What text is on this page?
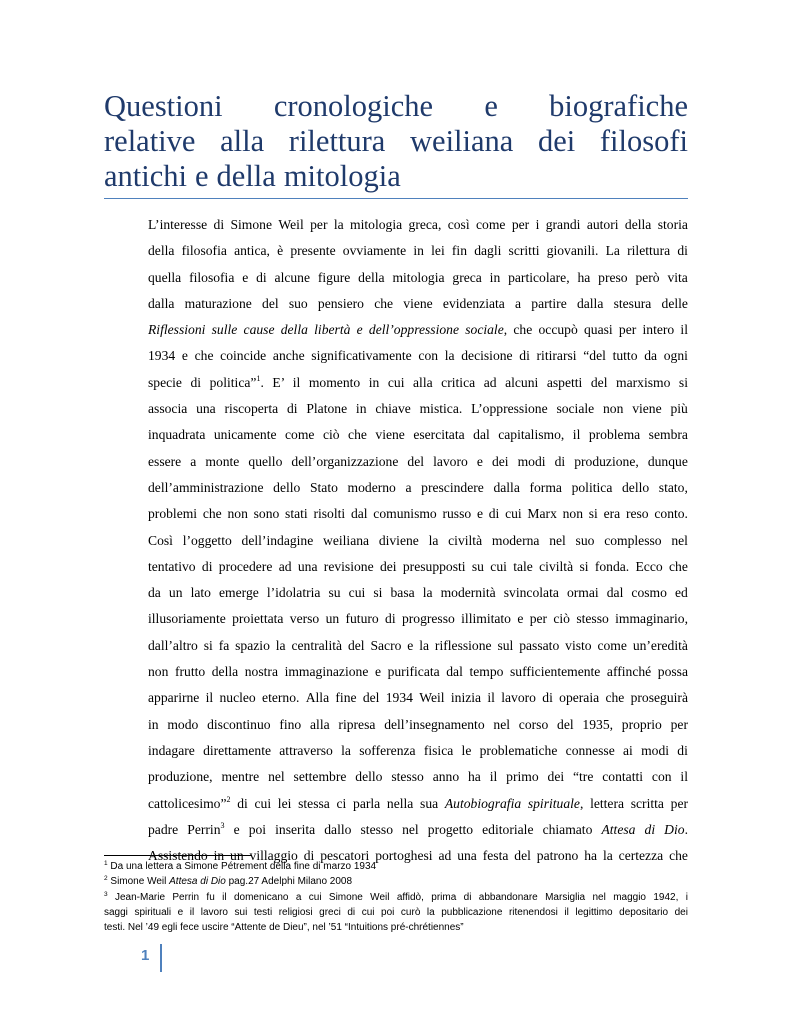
Questioni cronologiche e biografiche
relative alla rilettura weiliana dei filosofi
antichi e della mitologia
L’interesse di Simone Weil per la mitologia greca, così come per i grandi autori della storia
della filosofia antica, è presente ovviamente in lei fin dagli scritti giovanili. La rilettura di
quella filosofia e di alcune figure della mitologia greca in particolare, ha preso però vita
dalla maturazione del suo pensiero che viene evidenziata a partire dalla stesura delle
Riflessioni sulle cause della libertà e dell’oppressione sociale, che occupò quasi per intero il
1934 e che coincide anche significativamente con la decisione di ritirarsi “del tutto da ogni
specie di politica”$^1$. E’ il momento in cui alla critica ad alcuni aspetti del marxismo si
associa una riscoperta di Platone in chiave mistica. L’oppressione sociale non viene più
inquadrata unicamente come ciò che viene esercitata dal capitalismo, il problema sembra
essere a monte quello dell’organizzazione del lavoro e dei modi di produzione, dunque
dell’amministrazione dello Stato moderno a prescindere dalla forma politica dello stato,
problemi che non sono stati risolti dal comunismo russo e di cui Marx non si era reso conto.
Così l’oggetto dell’indagine weiliana diviene la civiltà moderna nel suo complesso nel
tentativo di procedere ad una revisione dei presupposti su cui tale civiltà si fonda. Ecco che
da un lato emerge l’idolatria su cui si basa la modernità svincolata ormai dal cosmo ed
illusoriamente proiettata verso un futuro di progresso illimitato e per ciò stesso immaginario,
dall’altro si fa spazio la centralità del Sacro e la riflessione sul passato visto come un’eredità
non frutto della nostra immaginazione e purificata dal tempo sufficientemente affinché possa
apparirne il nucleo eterno. Alla fine del 1934 Weil inizia il lavoro di operaia che proseguirà
in modo discontinuo fino alla ripresa dell’insegnamento nel corso del 1935, proprio per
indagare direttamente attraverso la sofferenza fisica le problematiche connesse ai modi di
produzione, mentre nel settembre dello stesso anno ha il primo dei “tre contatti con il
cattolicesimo”$^2$ di cui lei stessa ci parla nella sua Autobiografia spirituale, lettera scritta per
padre Perrin$^3$ e poi inserita dallo stesso nel progetto editoriale chiamato Attesa di Dio.
Assistendo in un villaggio di pescatori portoghesi ad una festa del patrono ha la certezza che
$^1$ Da una lettera a Simone Pétrement della fine di marzo 1934
$^2$ Simone Weil Attesa di Dio pag.27 Adelphi Milano 2008
$^3$ Jean-Marie Perrin fu il domenicano a cui Simone Weil affidò, prima di abbandonare Marsiglia nel maggio 1942, i
saggi spirituali e il lavoro sui testi religiosi greci di cui poi curò la pubblicazione ritenendosi il legittimo depositario dei
testi. Nel ’49 egli fece uscire “Attente de Dieu”, nel ’51 “Intuitions pré-chrétiennes”
1
